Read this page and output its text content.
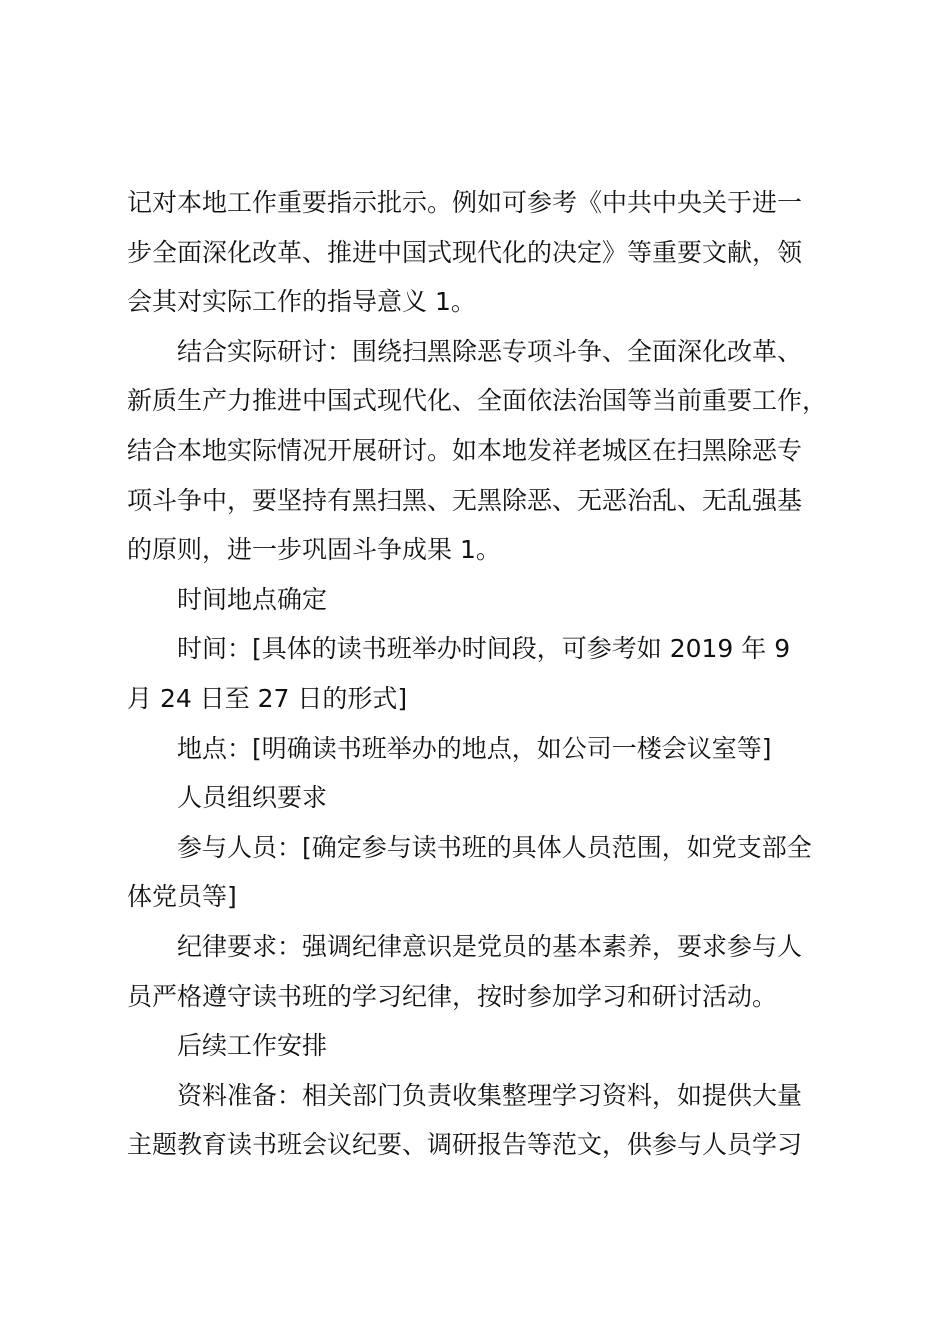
记对本地工作重要指示批示。例如可参考《中共中央关于进一
步全面深化改革、推进中国式现代化的决定》等重要文献，领
会其对实际工作的指导意义 1。
结合实际研讨：围绕扫黑除恶专项斗争、全面深化改革、
新质生产力推进中国式现代化、全面依法治国等当前重要工作，
结合本地实际情况开展研讨。如本地发祥老城区在扫黑除恶专
项斗争中，要坚持有黑扫黑、无黑除恶、无恶治乱、无乱强基
的原则，进一步巩固斗争成果 1。
时间地点确定
时间：[具体的读书班举办时间段，可参考如 2019 年 9
月 24 日至 27 日的形式]
地点：[明确读书班举办的地点，如公司一楼会议室等]
人员组织要求
参与人员：[确定参与读书班的具体人员范围，如党支部全
体党员等]
纪律要求：强调纪律意识是党员的基本素养，要求参与人
员严格遵守读书班的学习纪律，按时参加学习和研讨活动。
后续工作安排
资料准备：相关部门负责收集整理学习资料，如提供大量
主题教育读书班会议纪要、调研报告等范文，供参与人员学习
